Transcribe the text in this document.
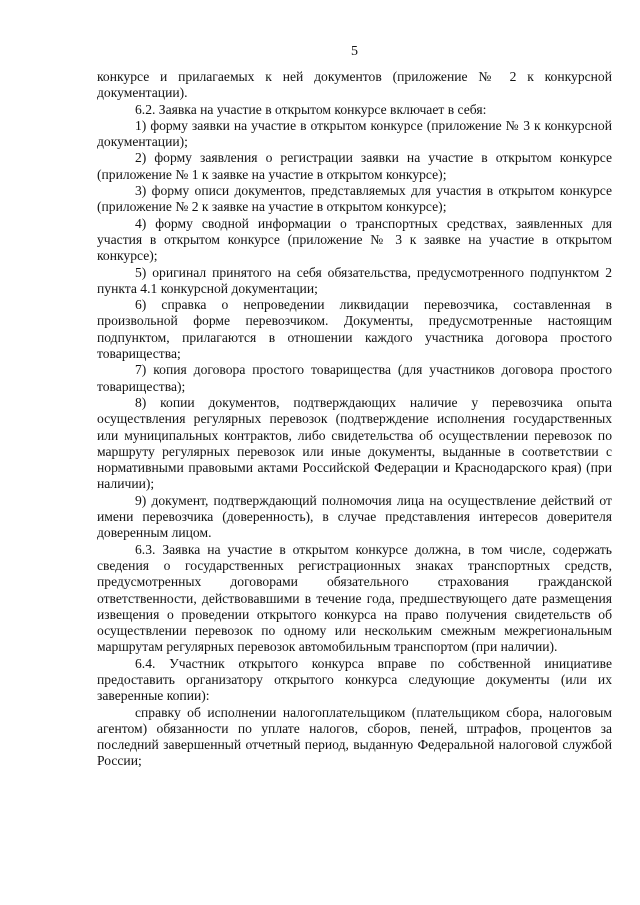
5

конкурсе и прилагаемых к ней документов (приложение № 2 к конкурсной документации).

6.2. Заявка на участие в открытом конкурсе включает в себя:

1) форму заявки на участие в открытом конкурсе (приложение № 3 к конкурсной документации);

2) форму заявления о регистрации заявки на участие в открытом конкурсе (приложение № 1 к заявке на участие в открытом конкурсе);

3) форму описи документов, представляемых для участия в открытом конкурсе (приложение № 2 к заявке на участие в открытом конкурсе);

4) форму сводной информации о транспортных средствах, заявленных для участия в открытом конкурсе (приложение № 3 к заявке на участие в открытом конкурсе);

5) оригинал принятого на себя обязательства, предусмотренного подпунктом 2 пункта 4.1 конкурсной документации;

6) справка о непроведении ликвидации перевозчика, составленная в произвольной форме перевозчиком. Документы, предусмотренные настоящим подпунктом, прилагаются в отношении каждого участника договора простого товарищества;

7) копия договора простого товарищества (для участников договора простого товарищества);

8) копии документов, подтверждающих наличие у перевозчика опыта осуществления регулярных перевозок (подтверждение исполнения государственных или муниципальных контрактов, либо свидетельства об осуществлении перевозок по маршруту регулярных перевозок или иные документы, выданные в соответствии с нормативными правовыми актами Российской Федерации и Краснодарского края) (при наличии);

9) документ, подтверждающий полномочия лица на осуществление действий от имени перевозчика (доверенность), в случае представления интересов доверителя доверенным лицом.

6.3. Заявка на участие в открытом конкурсе должна, в том числе, содержать сведения о государственных регистрационных знаках транспортных средств, предусмотренных договорами обязательного страхования гражданской ответственности, действовавшими в течение года, предшествующего дате размещения извещения о проведении открытого конкурса на право получения свидетельств об осуществлении перевозок по одному или нескольким смежным межрегиональным маршрутам регулярных перевозок автомобильным транспортом (при наличии).

6.4. Участник открытого конкурса вправе по собственной инициативе предоставить организатору открытого конкурса следующие документы (или их заверенные копии):

справку об исполнении налогоплательщиком (плательщиком сбора, налоговым агентом) обязанности по уплате налогов, сборов, пеней, штрафов, процентов за последний завершенный отчетный период, выданную Федеральной налоговой службой России;
